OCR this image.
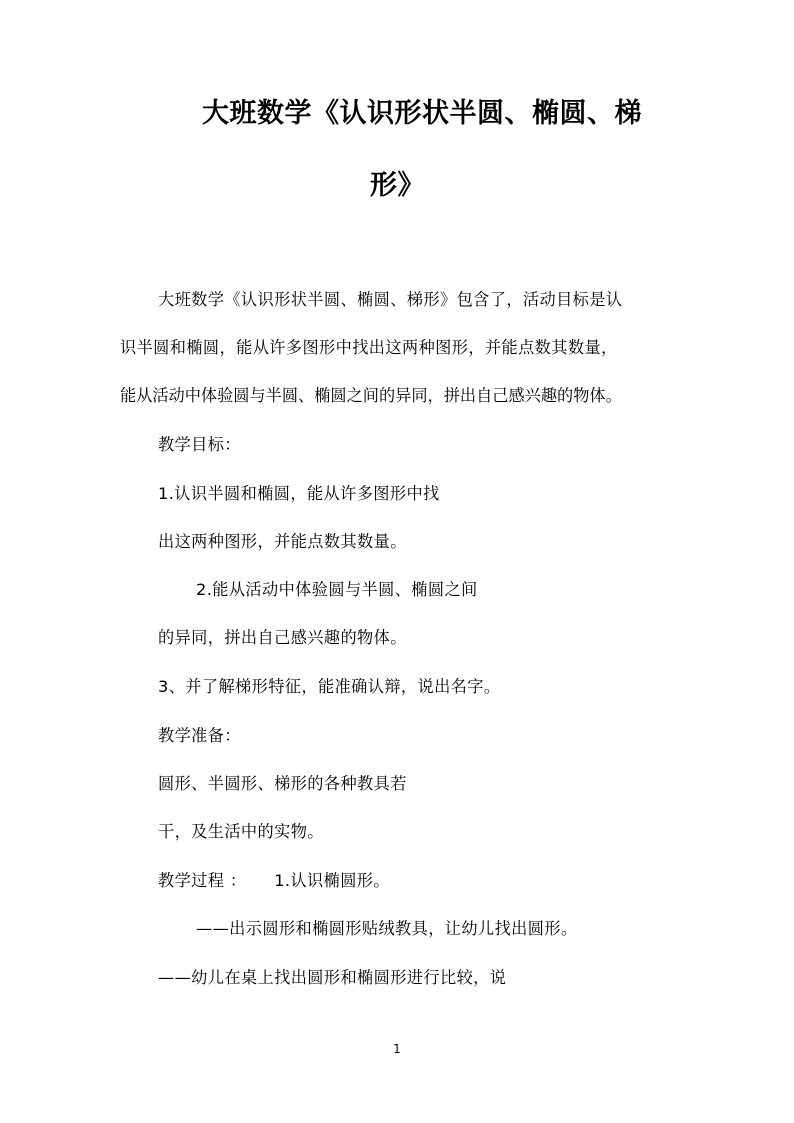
大班数学《认识形状半圆、椭圆、梯
形》
大班数学《认识形状半圆、椭圆、梯形》包含了，活动目标是认
识半圆和椭圆，能从许多图形中找出这两种图形，并能点数其数量，
能从活动中体验圆与半圆、椭圆之间的异同，拼出自己感兴趣的物体。
教学目标：
1.认识半圆和椭圆，能从许多图形中找
出这两种图形，并能点数其数量。
2.能从活动中体验圆与半圆、椭圆之间
的异同，拼出自己感兴趣的物体。
3、并了解梯形特征，能准确认辩，说出名字。
教学准备：
圆形、半圆形、梯形的各种教具若
干，及生活中的实物。
教学过程 ：     1.认识椭圆形。
——出示圆形和椭圆形贴绒教具，让幼儿找出圆形。
——幼儿在桌上找出圆形和椭圆形进行比较，说
1
